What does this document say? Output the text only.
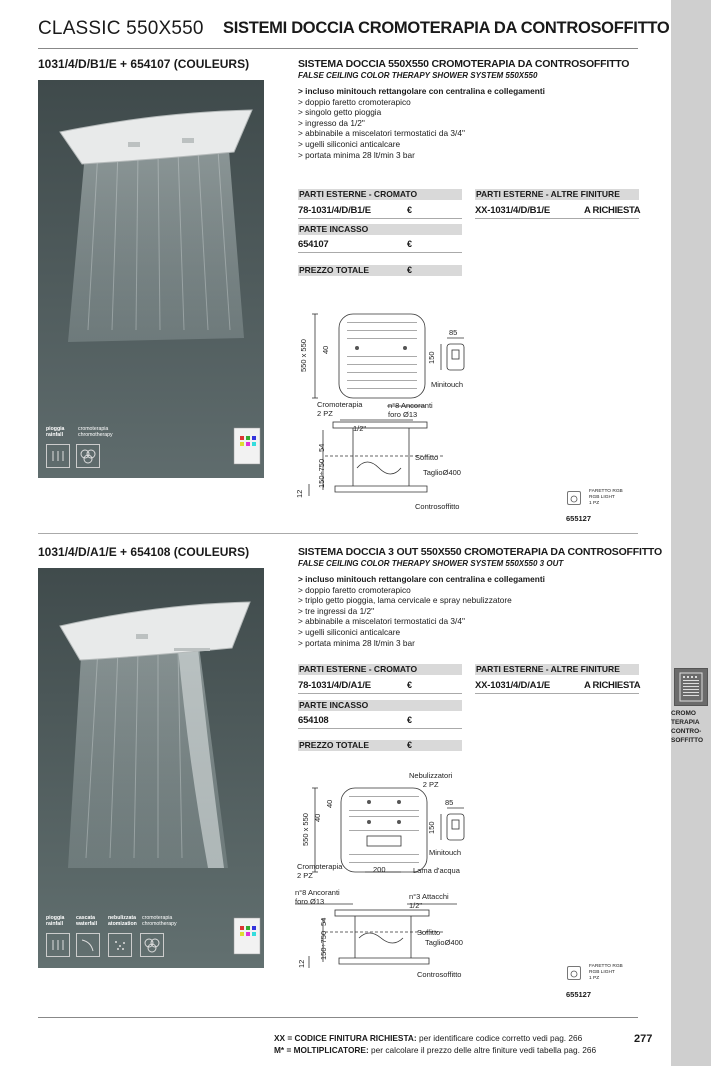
CROMO
TERAPIA
CONTRO-
SOFFITTO
CLASSIC 550X550 SISTEMI DOCCIA CROMOTERAPIA DA CONTROSOFFITTO
1031/4/D/B1/E + 654107 (COULEURS)
pioggia
rainfall
cromoterapia
chromotherapy
SISTEMA DOCCIA 550X550 CROMOTERAPIA DA CONTROSOFFITTO
FALSE CEILING COLOR THERAPY SHOWER SYSTEM 550X550
> incluso minitouch rettangolare con centralina e collegamenti
> doppio faretto cromoterapico
> singolo getto pioggia
> ingresso da 1/2"
> abbinabile a miscelatori termostatici da 3/4"
> ugelli siliconici anticalcare
> portata minima 28 lt/min 3 bar
PARTI ESTERNE - CROMATO	PARTI ESTERNE - ALTRE FINITURE
78-1031/4/D/B1/E	€	XX-1031/4/D/B1/E	A RICHIESTA
PARTE INCASSO
654107	€
PREZZO TOTALE	€
550 x 550 40
85
150
Minitouch
Cromoterapia
2 PZ
n°8 Ancoranti
foro Ø13
1/2"
54
150÷750
Soffitto
TaglioØ400
12
Controsoffitto
FARETTO RGB
RGB LIGHT
1 PZ
655127
1031/4/D/A1/E + 654108 (COULEURS)
pioggia
rainfall
cascata
waterfall
nebulizzata
atomization
cromoterapia
chromotherapy
SISTEMA DOCCIA 3 OUT 550X550 CROMOTERAPIA DA CONTROSOFFITTO
FALSE CEILING COLOR THERAPY SHOWER SYSTEM 550X550 3 OUT
> incluso minitouch rettangolare con centralina e collegamenti
> doppio faretto cromoterapico
> triplo getto pioggia, lama cervicale e spray nebulizzatore
> tre ingressi da 1/2"
> abbinabile a miscelatori termostatici da 3/4"
> ugelli siliconici anticalcare
> portata minima 28 lt/min 3 bar
PARTI ESTERNE - CROMATO	PARTI ESTERNE - ALTRE FINITURE
78-1031/4/D/A1/E	€	XX-1031/4/D/A1/E	A RICHIESTA
PARTE INCASSO
654108	€
PREZZO TOTALE	€
Nebulizzatori
2 PZ
550 x 550
40
40
85
150
Minitouch
Cromoterapia
2 PZ
200	Lama d'acqua
n°8 Ancoranti
foro Ø13
n°3 Attacchi
1/2"
54
150÷750	Soffitto
TaglioØ400
12
Controsoffitto
FARETTO RGB
RGB LIGHT
1 PZ
655127
XX = CODICE FINITURA RICHIESTA: per identificare codice corretto vedi pag. 266
M* = MOLTIPLICATORE: per calcolare il prezzo delle altre finiture vedi tabella pag. 266
277
